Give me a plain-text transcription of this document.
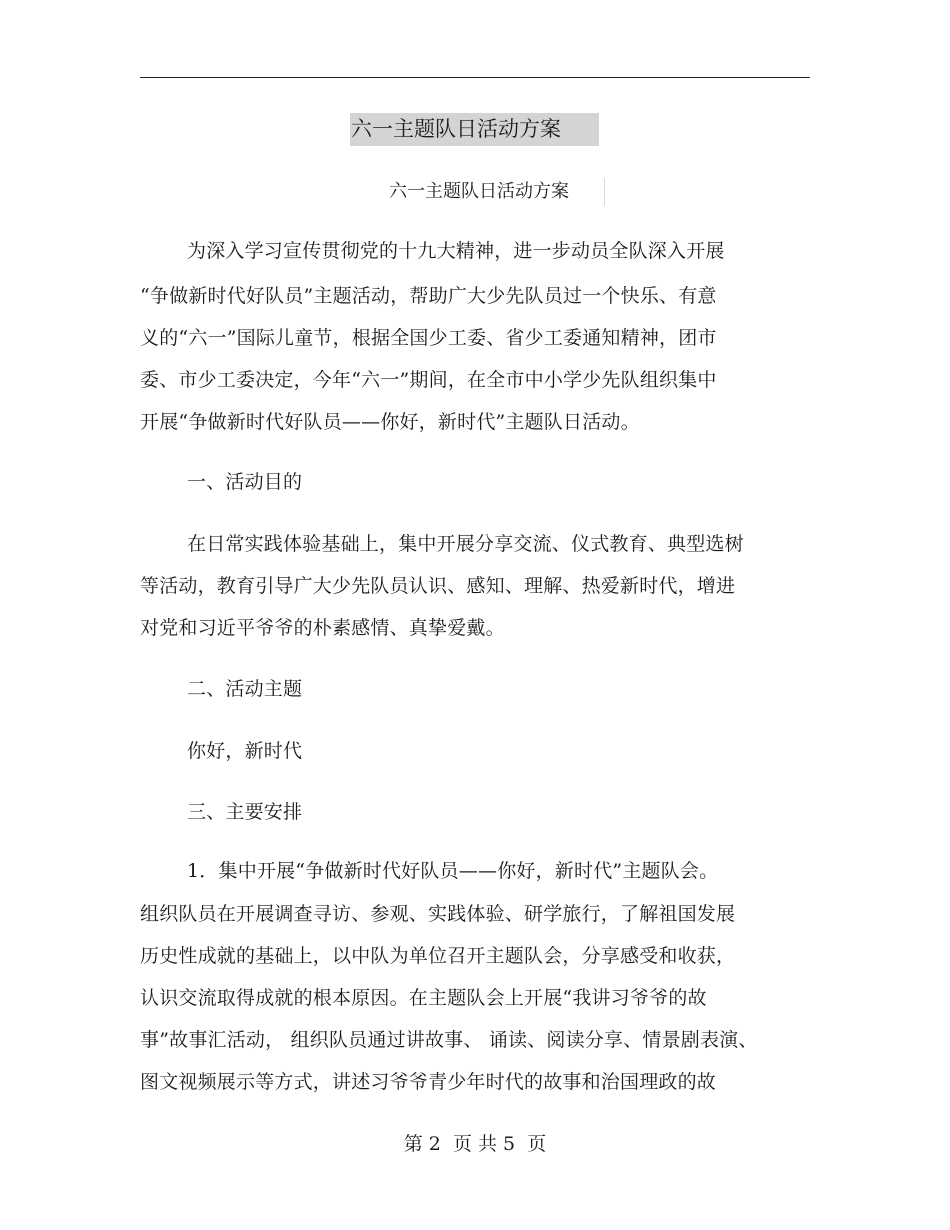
六一主题队日活动方案
六一主题队日活动方案
为深入学习宣传贯彻党的十九大精神，进一步动员全队深入开展
“争做新时代好队员”主题活动，帮助广大少先队员过一个快乐、有意
义的“六一”国际儿童节，根据全国少工委、省少工委通知精神，团市
委、市少工委决定，今年“六一”期间，在全市中小学少先队组织集中
开展“争做新时代好队员——你好，新时代”主题队日活动。
一、活动目的
在日常实践体验基础上，集中开展分享交流、仪式教育、典型选树
等活动，教育引导广大少先队员认识、感知、理解、热爱新时代，增进
对党和习近平爷爷的朴素感情、真挚爱戴。
二、活动主题
你好，新时代
三、主要安排
1．集中开展“争做新时代好队员——你好，新时代”主题队会。
组织队员在开展调查寻访、参观、实践体验、研学旅行，了解祖国发展
历史性成就的基础上，以中队为单位召开主题队会，分享感受和收获，
认识交流取得成就的根本原因。在主题队会上开展“我讲习爷爷的故
事”故事汇活动， 组织队员通过讲故事、 诵读、阅读分享、情景剧表演、
图文视频展示等方式，讲述习爷爷青少年时代的故事和治国理政的故
第 2  页 共 5  页
